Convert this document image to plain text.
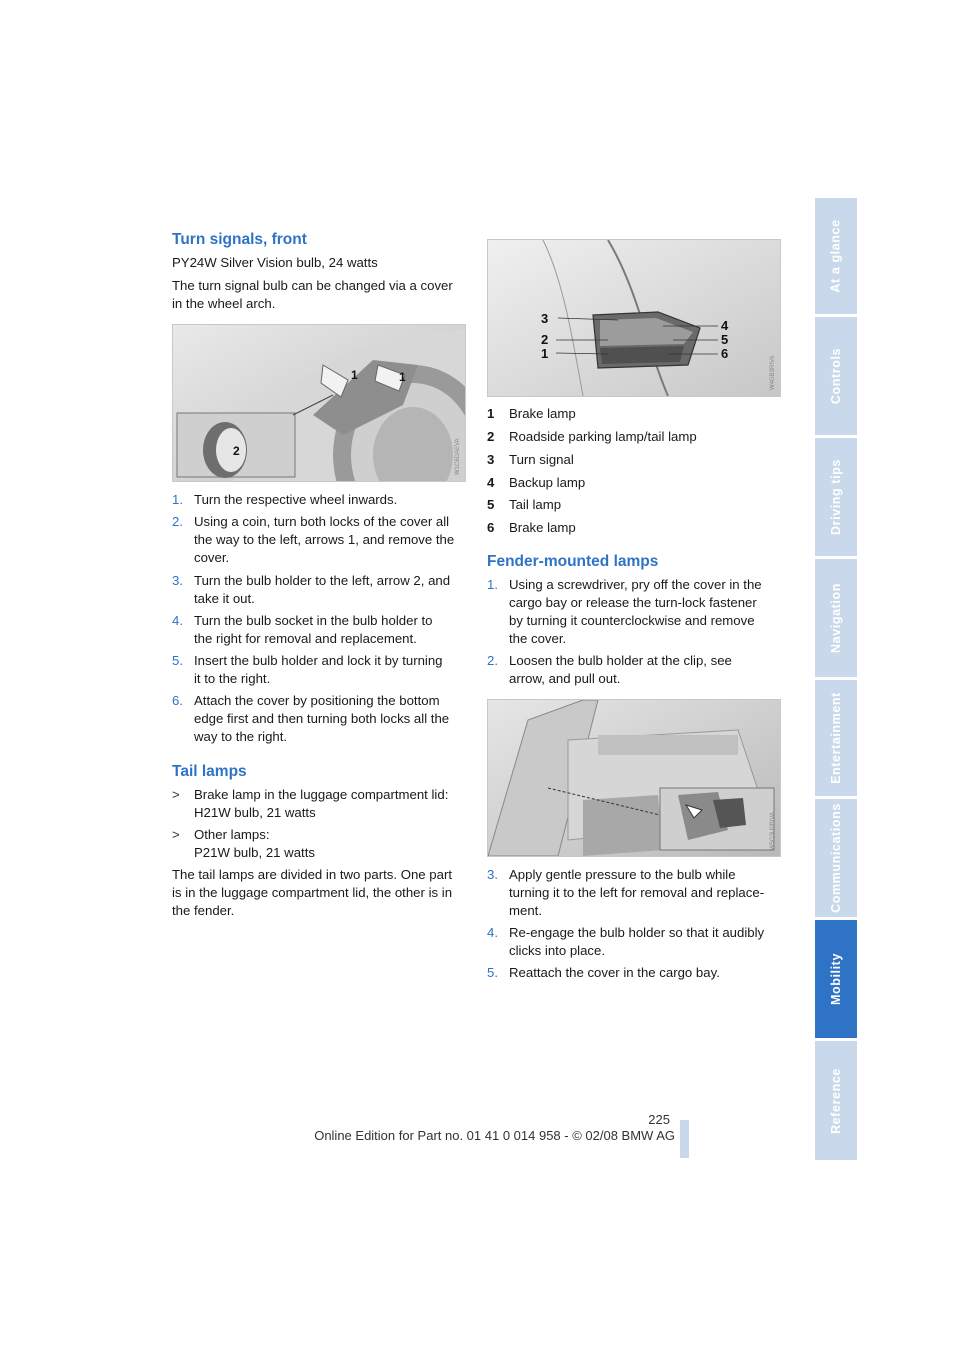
Turn signals, front
PY24W Silver Vision bulb, 24 watts
The turn signal bulb can be changed via a cover
in the wheel arch.
1	1
2	W1C6DAEVA
1. Turn the respective wheel inwards.
2. Using a coin, turn both locks of the cover all
the way to the left, arrows 1, and remove the
cover.
3. Turn the bulb holder to the left, arrow 2, and
take it out.
4. Turn the bulb socket in the bulb holder to
the right for removal and replacement.
5. Insert the bulb holder and lock it by turning
it to the right.
6. Attach the cover by positioning the bottom
edge first and then turning both locks all the
way to the right.
Tail lamps
> Brake lamp in the luggage compartment lid:
H21W bulb, 21 watts
> Other lamps:
P21W bulb, 21 watts
The tail lamps are divided in two parts. One part
is in the luggage compartment lid, the other is in
the fender.
3
2
1
4
5
6
W4GB3RIVA
1 Brake lamp
2 Roadside parking lamp/tail lamp
3 Turn signal
4 Backup lamp
5 Tail lamp
6 Brake lamp
Fender-mounted lamps
1. Using a screwdriver, pry off the cover in the
cargo bay or release the turn-lock fastener
by turning it counterclockwise and remove
the cover.
2. Loosen the bulb holder at the clip, see
arrow, and pull out.
W5G3U0BIVA
3. Apply gentle pressure to the bulb while
turning it to the left for removal and replace-
ment.
4. Re-engage the bulb holder so that it audibly
clicks into place.
5. Reattach the cover in the cargo bay.
At a glance
Controls
Driving tips
Navigation
Entertainment
Communications
Mobility
Reference
225
Online Edition for Part no. 01 41 0 014 958 - © 02/08 BMW AG
